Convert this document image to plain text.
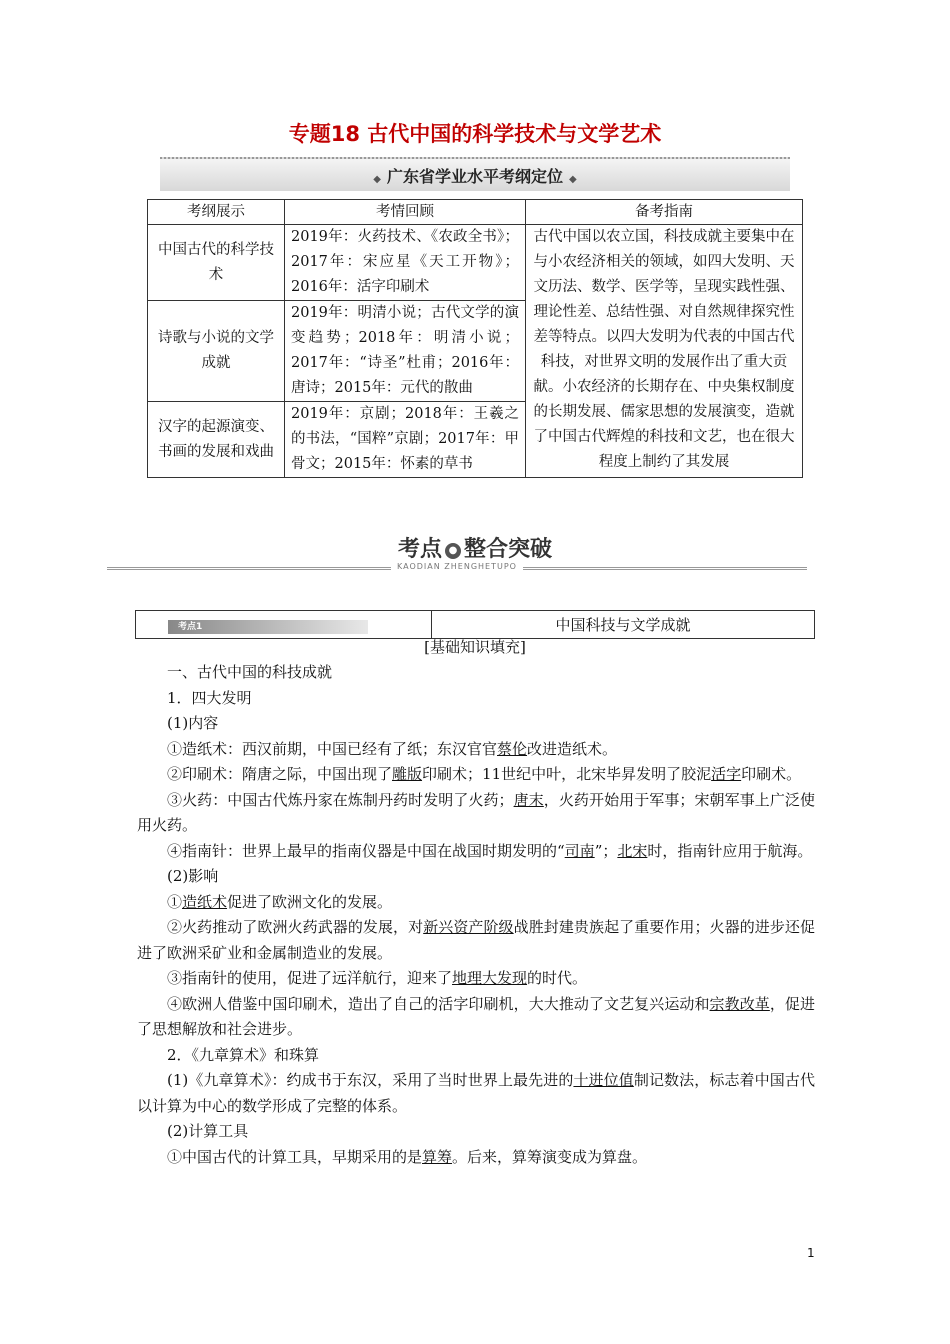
专题18 古代中国的科学技术与文学艺术
◆ 广东省学业水平考纲定位 ◆
考纲展示	考情回顾	备考指南
中国古代的科学技术	2019年：火药技术、《农政全书》；2017年：宋应星《天工开物》；2016年：活字印刷术	古代中国以农立国，科技成就主要集中在与小农经济相关的领域，如四大发明、天文历法、数学、医学等，呈现实践性强、理论性差、总结性强、对自然规律探究性差等特点。以四大发明为代表的中国古代科技，对世界文明的发展作出了重大贡献。小农经济的长期存在、中央集权制度的长期发展、儒家思想的发展演变，造就了中国古代辉煌的科技和文艺，也在很大程度上制约了其发展
诗歌与小说的文学成就	2019年：明清小说；古代文学的演变趋势；2018年：明清小说；2017年：“诗圣”杜甫；2016年：唐诗；2015年：元代的散曲	
汉字的起源演变、书画的发展和戏曲	2019年：京剧；2018年：王羲之的书法，“国粹”京剧；2017年：甲骨文；2015年：怀素的草书	
考点 ● 整合突破
KAODIAN ZHENGHETUPO
考点1	中国科技与文学成就
[基础知识填充]

一、古代中国的科技成就

1．四大发明

(1)内容

①造纸术：西汉前期，中国已经有了纸；东汉官官蔡伦改进造纸术。

②印刷术：隋唐之际，中国出现了雕版印刷术；11世纪中叶，北宋毕昇发明了胶泥活字印刷术。

③火药：中国古代炼丹家在炼制丹药时发明了火药；唐末，火药开始用于军事；宋朝军事上广泛使用火药。

④指南针：世界上最早的指南仪器是中国在战国时期发明的“司南”；北宋时，指南针应用于航海。

(2)影响

①造纸术促进了欧洲文化的发展。

②火药推动了欧洲火药武器的发展，对新兴资产阶级战胜封建贵族起了重要作用；火器的进步还促进了欧洲采矿业和金属制造业的发展。

③指南针的使用，促进了远洋航行，迎来了地理大发现的时代。

④欧洲人借鉴中国印刷术，造出了自己的活字印刷机，大大推动了文艺复兴运动和宗教改革，促进了思想解放和社会进步。

2．《九章算术》和珠算

(1)《九章算术》：约成书于东汉，采用了当时世界上最先进的十进位值制记数法，标志着中国古代以计算为中心的数学形成了完整的体系。

(2)计算工具

①中国古代的计算工具，早期采用的是算筹。后来，算筹演变成为算盘。

1
